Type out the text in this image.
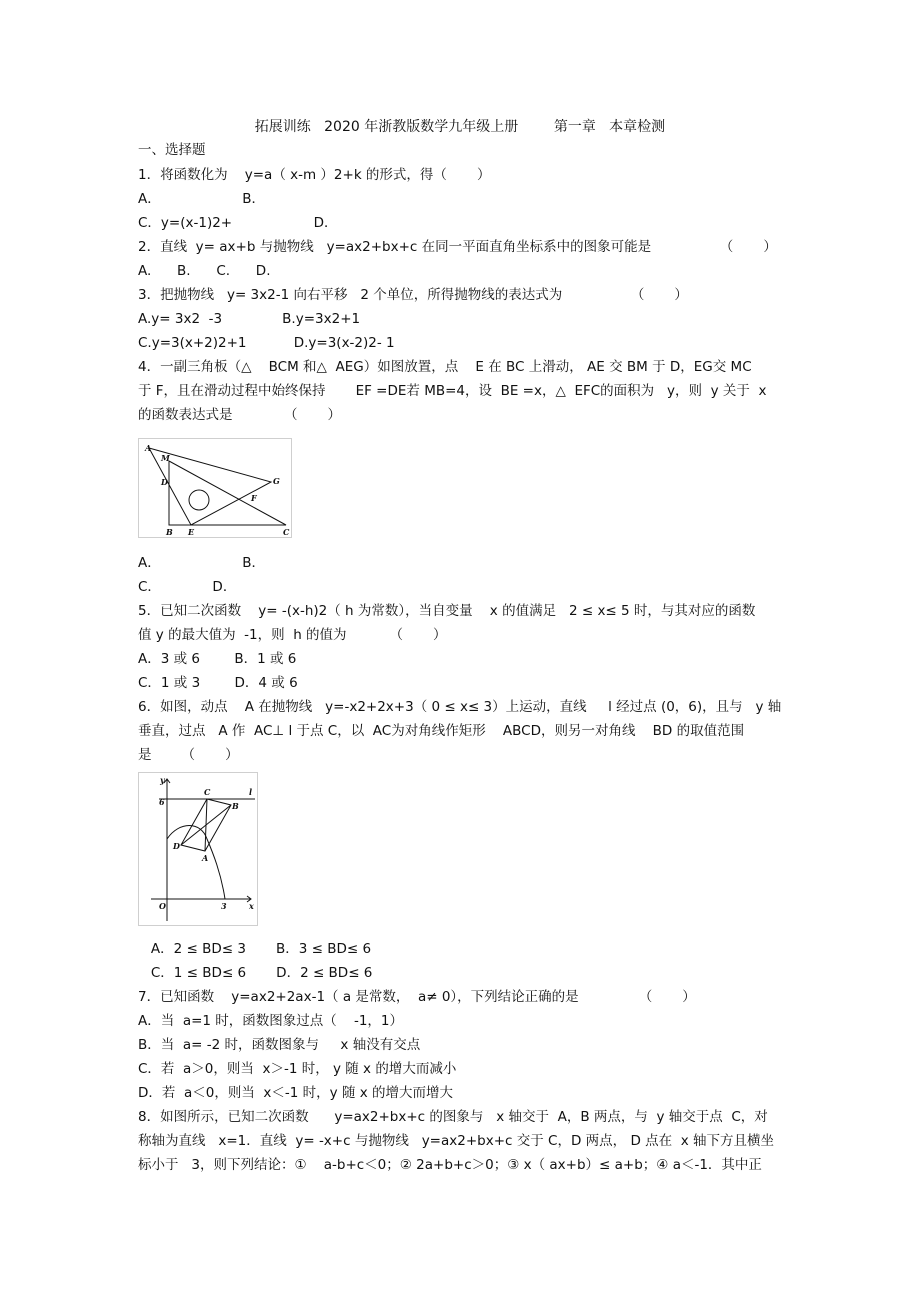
拓展训练   2020 年浙教版数学九年级上册        第一章   本章检测
一、选择题
1．将函数化为    y=a（ x-m ）2+k 的形式，得（       ）
A．                   B．
C．y=(x-1)2+                   D．
2．直线  y= ax+b 与抛物线   y=ax2+bx+c 在同一平面直角坐标系中的图象可能是                （       ）
A.      B.      C.      D.
3．把抛物线   y= 3x2-1 向右平移   2 个单位，所得抛物线的表达式为                （       ）
A.y= 3x2  -3              B.y=3x2+1
C.y=3(x+2)2+1           D.y=3(x-2)2- 1
4．一副三角板（△    BCM 和△  AEG）如图放置，点    E 在 BC 上滑动， AE 交 BM 于 D，EG交 MC
于 F，且在滑动过程中始终保持       EF =DE若 MB=4，设  BE =x，△  EFC的面积为   y，则  y 关于  x
的函数表达式是            （       ）
A
M
D	G
F
B E	C
A．                   B．
C．            D．
5．已知二次函数    y= -(x-h)2（ h 为常数），当自变量    x 的值满足   2 ≤ x≤ 5 时，与其对应的函数
值 y 的最大值为  -1，则  h 的值为          （       ）
A．3 或 6        B．1 或 6
C．1 或 3        D．4 或 6
6．如图，动点    A 在抛物线   y=-x2+2x+3（ 0 ≤ x≤ 3）上运动，直线     l 经过点 (0，6)，且与   y 轴
垂直，过点   A 作  AC⊥ l 于点 C，以  AC为对角线作矩形    ABCD，则另一对角线    BD 的取值范围
是       （       ）
y
6
C
B
l
D
A
O	3	x
A．2 ≤ BD≤ 3       B．3 ≤ BD≤ 6
C．1 ≤ BD≤ 6       D．2 ≤ BD≤ 6
7．已知函数    y=ax2+2ax-1（ a 是常数，  a≠ 0），下列结论正确的是              （       ）
A．当  a=1 时，函数图象过点（    -1，1）
B．当  a= -2 时，函数图象与     x 轴没有交点
C．若  a＞0，则当  x＞-1 时， y 随 x 的增大而减小
D．若  a＜0，则当  x＜-1 时，y 随 x 的增大而增大
8．如图所示，已知二次函数      y=ax2+bx+c 的图象与   x 轴交于  A，B 两点，与  y 轴交于点  C，对
称轴为直线   x=1．直线  y= -x+c 与抛物线   y=ax2+bx+c 交于 C，D 两点， D 点在  x 轴下方且横坐
标小于   3，则下列结论：①    a-b+c＜0；② 2a+b+c＞0；③ x（ ax+b）≤ a+b；④ a＜-1．其中正
